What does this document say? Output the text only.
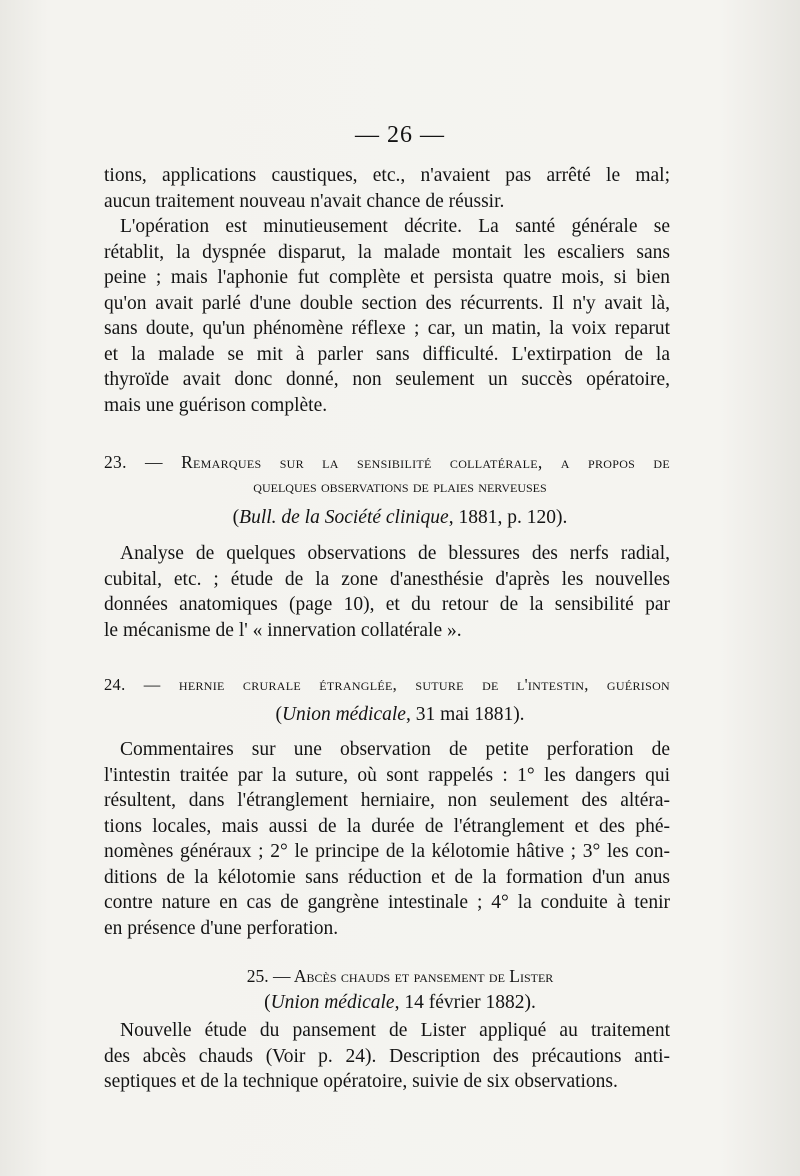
— 26 —
tions, applications caustiques, etc., n'avaient pas arrêté le mal;
aucun traitement nouveau n'avait chance de réussir.
L'opération est minutieusement décrite. La santé générale se
rétablit, la dyspnée disparut, la malade montait les escaliers sans
peine ; mais l'aphonie fut complète et persista quatre mois, si bien
qu'on avait parlé d'une double section des récurrents. Il n'y avait là,
sans doute, qu'un phénomène réflexe ; car, un matin, la voix reparut
et la malade se mit à parler sans difficulté. L'extirpation de la
thyroïde avait donc donné, non seulement un succès opératoire,
mais une guérison complète.
23. — Remarques sur la sensibilité collatérale, a propos de
quelques observations de plaies nerveuses
(Bull. de la Société clinique, 1881, p. 120).
Analyse de quelques observations de blessures des nerfs radial,
cubital, etc. ; étude de la zone d'anesthésie d'après les nouvelles
données anatomiques (page 10), et du retour de la sensibilité par
le mécanisme de l' « innervation collatérale ».
24. — hernie crurale étranglée, suture de l'intestin, guérison
(Union médicale, 31 mai 1881).
Commentaires sur une observation de petite perforation de
l'intestin traitée par la suture, où sont rappelés : 1° les dangers qui
résultent, dans l'étranglement herniaire, non seulement des altéra-
tions locales, mais aussi de la durée de l'étranglement et des phé-
nomènes généraux ; 2° le principe de la kélotomie hâtive ; 3° les con-
ditions de la kélotomie sans réduction et de la formation d'un anus
contre nature en cas de gangrène intestinale ; 4° la conduite à tenir
en présence d'une perforation.
25. — Abcès chauds et pansement de Lister
(Union médicale, 14 février 1882).
Nouvelle étude du pansement de Lister appliqué au traitement
des abcès chauds (Voir p. 24). Description des précautions anti-
septiques et de la technique opératoire, suivie de six observations.
